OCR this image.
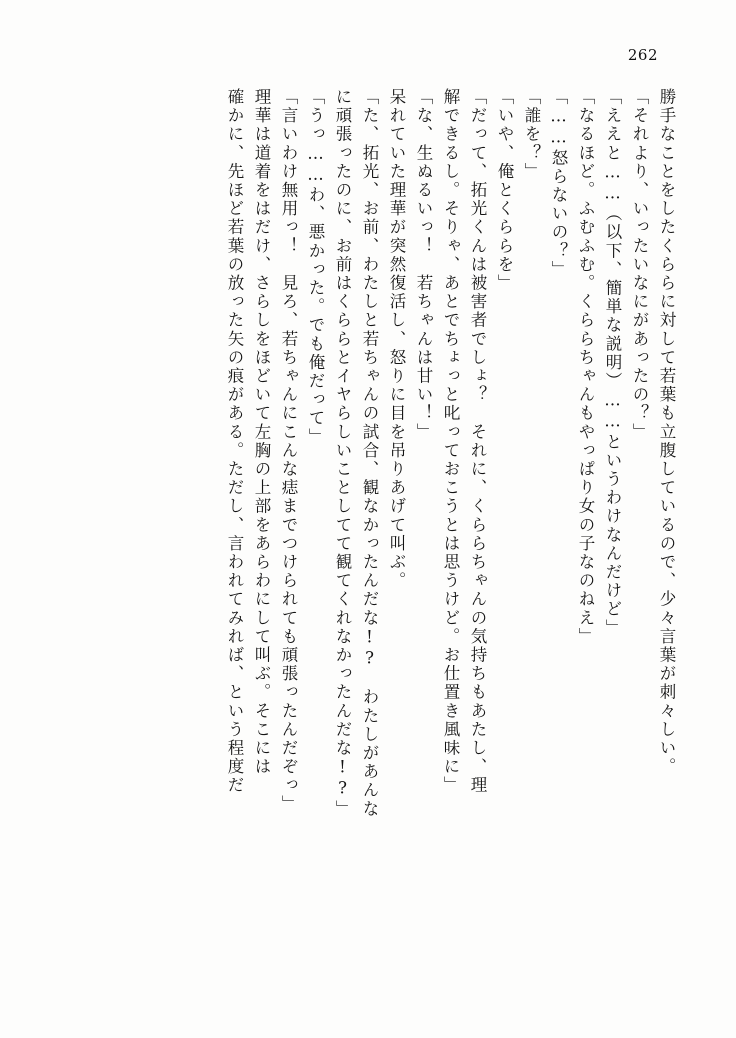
262
勝手なことをしたくららに対して若葉も立腹しているので、少々言葉が刺々しい。
「それより、いったいなにがあったの？」
「ええと……（以下、簡単な説明）……というわけなんだけど」
「なるほど。ふむふむ。くららちゃんもやっぱり女の子なのねえ」
「……怒らないの？」
「誰を？」
「いや、俺とくららを」
「だって、拓光くんは被害者でしょ？　それに、くららちゃんの気持ちもあたし、理
解できるし。そりゃ、あとでちょっと叱っておこうとは思うけど。お仕置き風味に」
「な、生ぬるいっ！　若ちゃんは甘い！」
呆れていた理華が突然復活し、怒りに目を吊りあげて叫ぶ。
「た、拓光、お前、わたしと若ちゃんの試合、観なかったんだな!?　わたしがあんな
に頑張ったのに、お前はくららとイヤらしいことしてて観てくれなかったんだな!?」
「うっ……わ、悪かった。でも俺だって」
「言いわけ無用っ！　見ろ、若ちゃんにこんな痣までつけられても頑張ったんだぞっ」
理華は道着をはだけ、さらしをほどいて左胸の上部をあらわにして叫ぶ。そこには
確かに、先ほど若葉の放った矢の痕がある。ただし、言われてみれば、という程度だ
